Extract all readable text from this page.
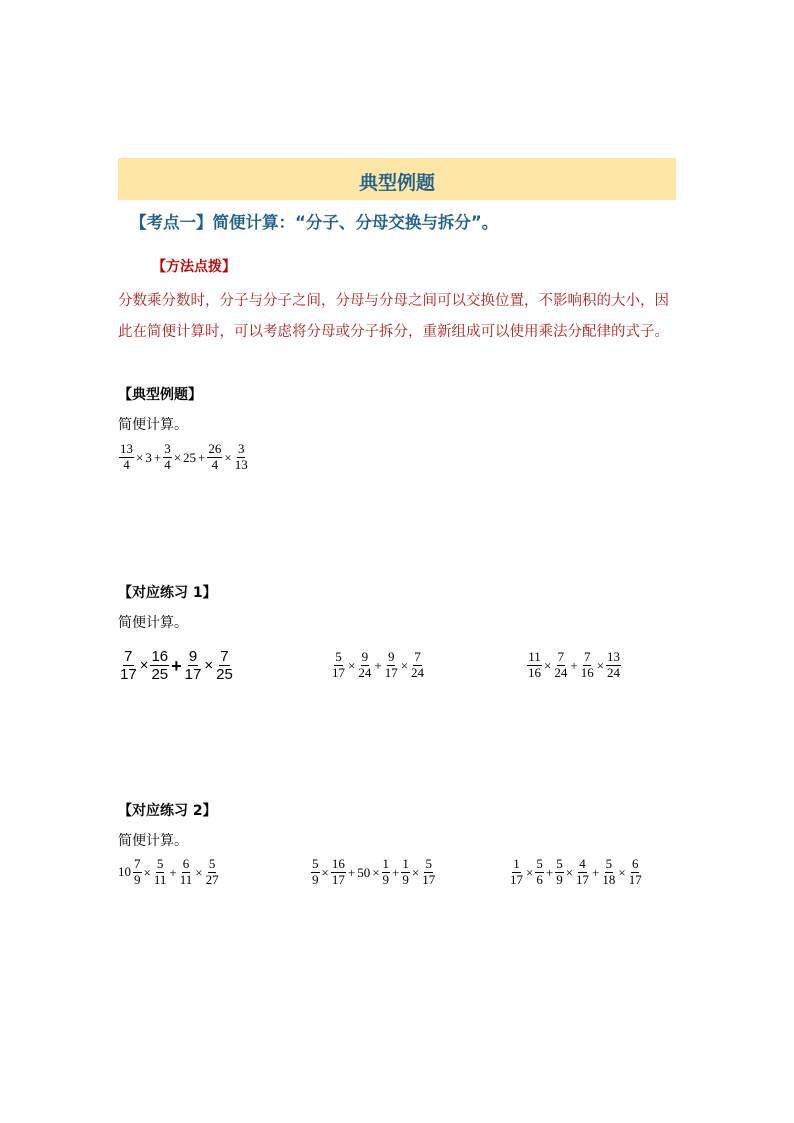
典型例题
【考点一】简便计算：“分子、分母交换与拆分”。
【方法点拨】
分数乘分数时，分子与分子之间，分母与分母之间可以交换位置，不影响积的大小，因此在简便计算时，可以考虑将分母或分子拆分，重新组成可以使用乘法分配律的式子。
【典型例题】
简便计算。
$\frac{13}{4} \times 3 + \frac{3}{4} \times 25 + \frac{26}{4} \times \frac{3}{13}$
【对应练习 1】
简便计算。
$\frac{7}{17} \times \frac{16}{25} + \frac{9}{17} \times \frac{7}{25}$	$\frac{5}{17} \times \frac{9}{24} + \frac{9}{17} \times \frac{7}{24}$	$\frac{11}{16} \times \frac{7}{24} + \frac{7}{16} \times \frac{13}{24}$
【对应练习 2】
简便计算。
$10 \frac{7}{9} \times \frac{5}{11} + \frac{6}{11} \times \frac{5}{27}$	$\frac{5}{9} \times \frac{16}{17} + 50 \times \frac{1}{9} + \frac{1}{9} \times \frac{5}{17}$	$\frac{1}{17} \times \frac{5}{6} + \frac{5}{9} \times \frac{4}{17} + \frac{5}{18} \times \frac{6}{17}$
